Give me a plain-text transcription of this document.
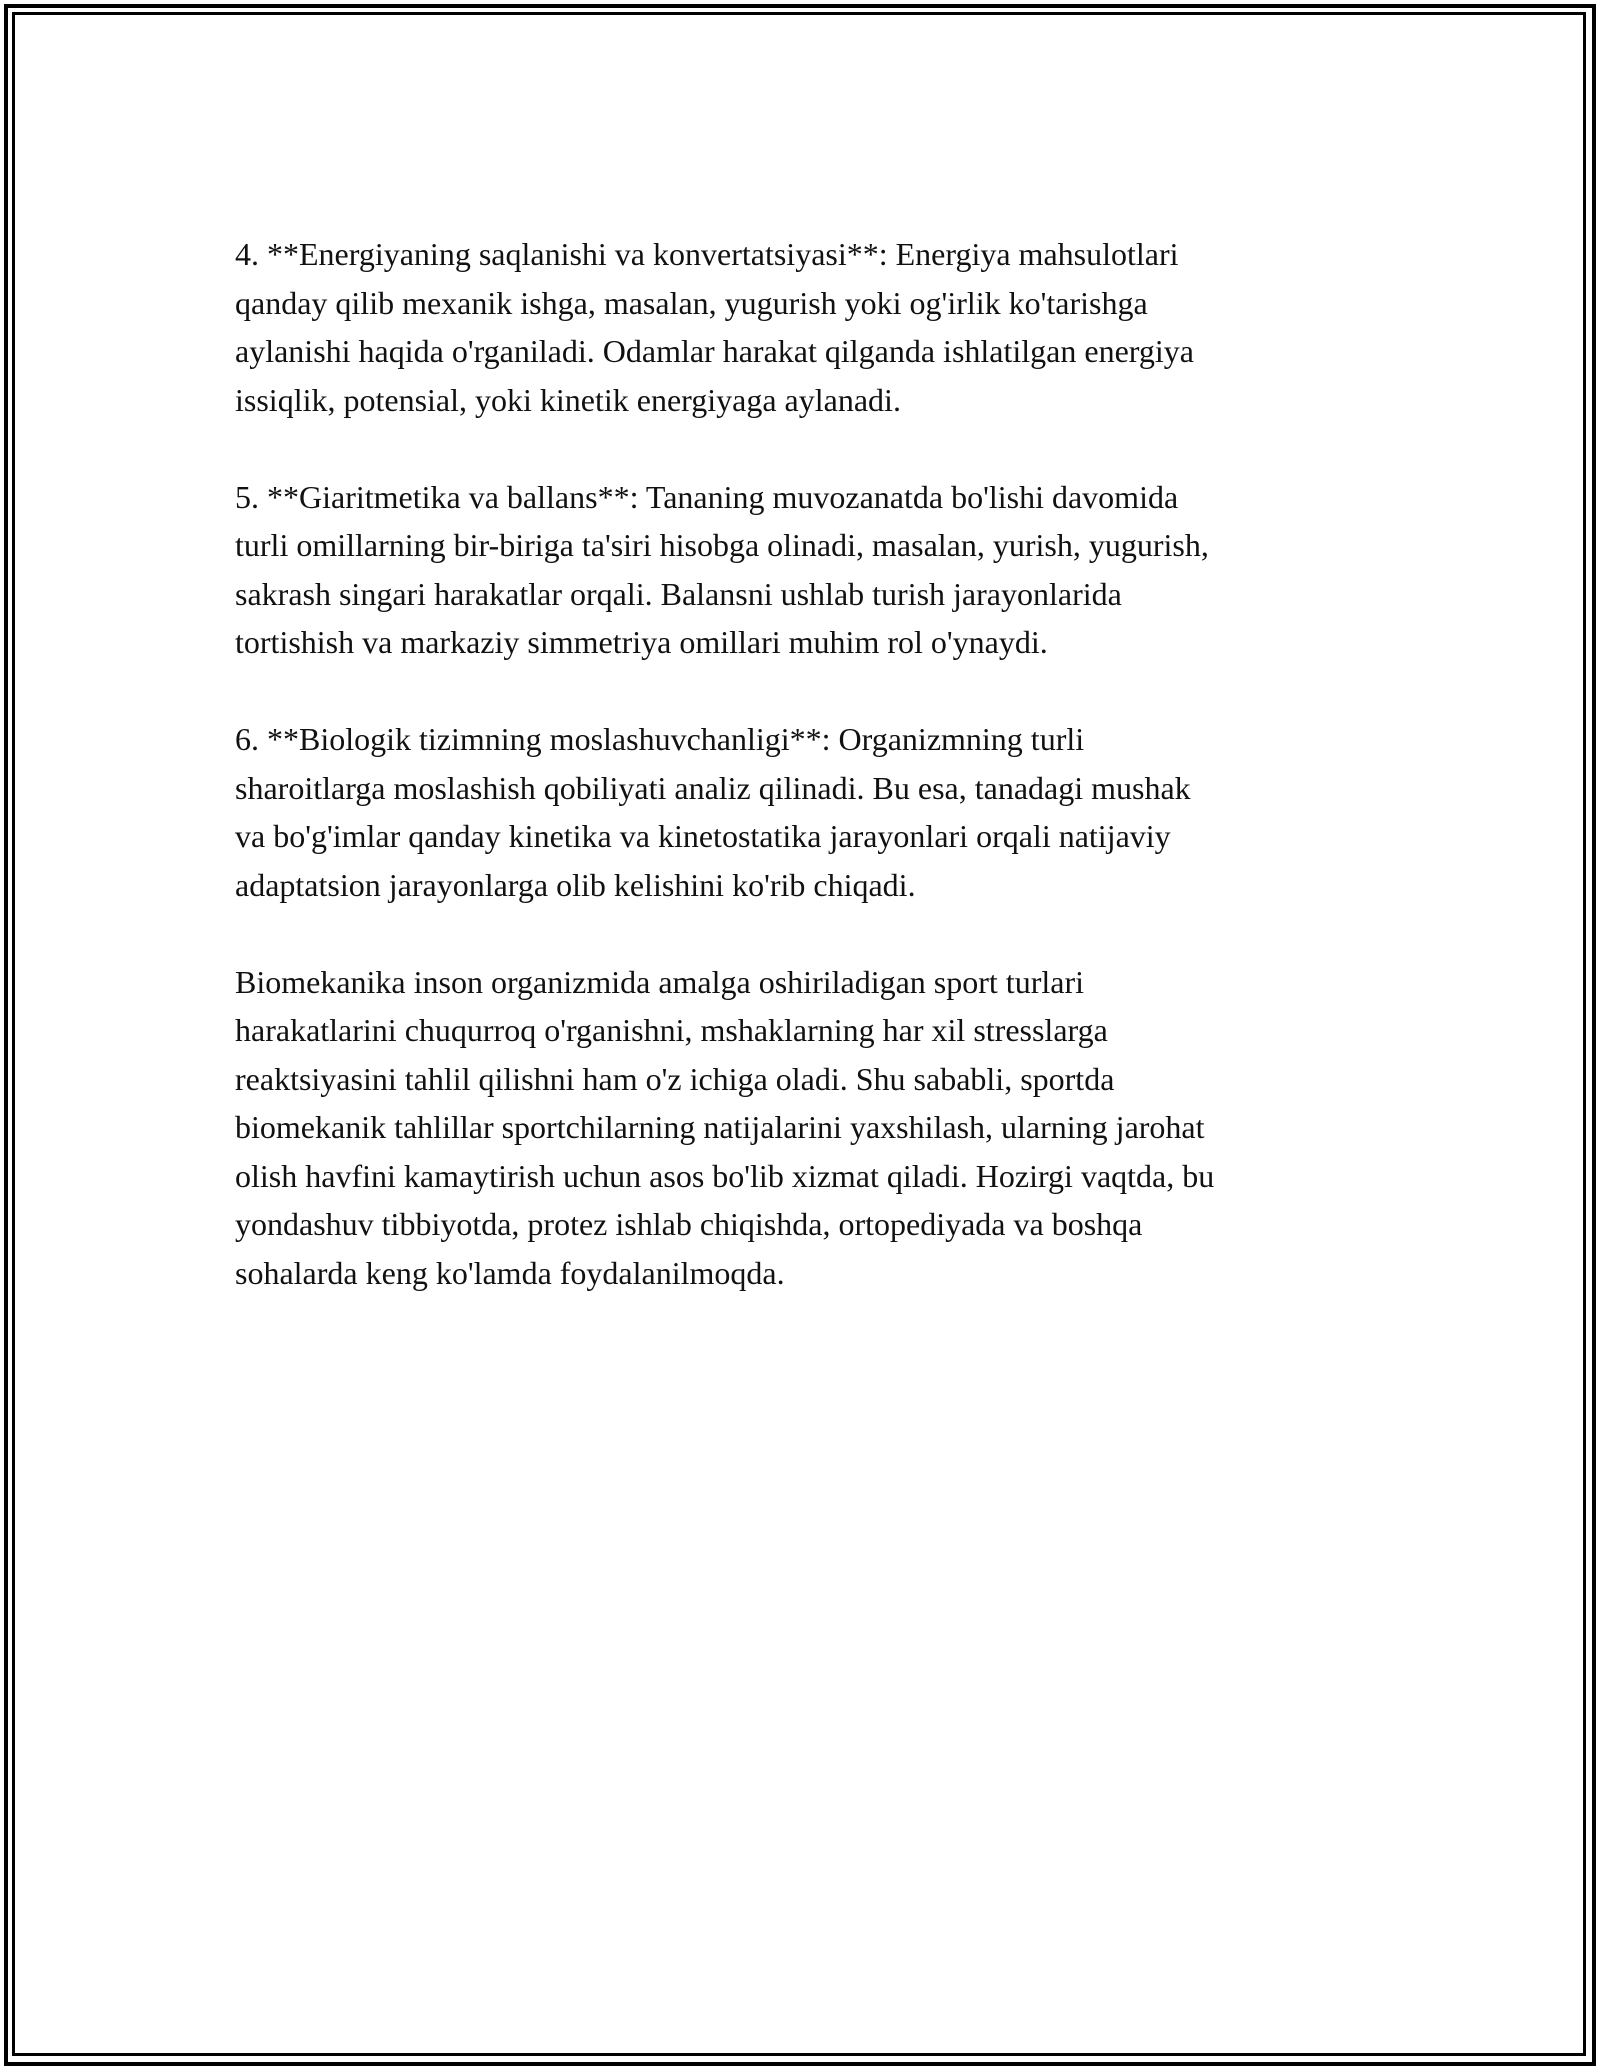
4. **Energiyaning saqlanishi va konvertatsiyasi**: Energiya mahsulotlari
qanday qilib mexanik ishga, masalan, yugurish yoki og'irlik ko'tarishga
aylanishi haqida o'rganiladi. Odamlar harakat qilganda ishlatilgan energiya
issiqlik, potensial, yoki kinetik energiyaga aylanadi.

5. **Giaritmetika va ballans**: Tananing muvozanatda bo'lishi davomida
turli omillarning bir-biriga ta'siri hisobga olinadi, masalan, yurish, yugurish,
sakrash singari harakatlar orqali. Balansni ushlab turish jarayonlarida
tortishish va markaziy simmetriya omillari muhim rol o'ynaydi.

6. **Biologik tizimning moslashuvchanligi**: Organizmning turli
sharoitlarga moslashish qobiliyati analiz qilinadi. Bu esa, tanadagi mushak
va bo'g'imlar qanday kinetika va kinetostatika jarayonlari orqali natijaviy
adaptatsion jarayonlarga olib kelishini ko'rib chiqadi.

Biomekanika inson organizmida amalga oshiriladigan sport turlari
harakatlarini chuqurroq o'rganishni, mshaklarning har xil stresslarga
reaktsiyasini tahlil qilishni ham o'z ichiga oladi. Shu sababli, sportda
biomekanik tahlillar sportchilarning natijalarini yaxshilash, ularning jarohat
olish havfini kamaytirish uchun asos bo'lib xizmat qiladi. Hozirgi vaqtda, bu
yondashuv tibbiyotda, protez ishlab chiqishda, ortopediyada va boshqa
sohalarda keng ko'lamda foydalanilmoqda.
